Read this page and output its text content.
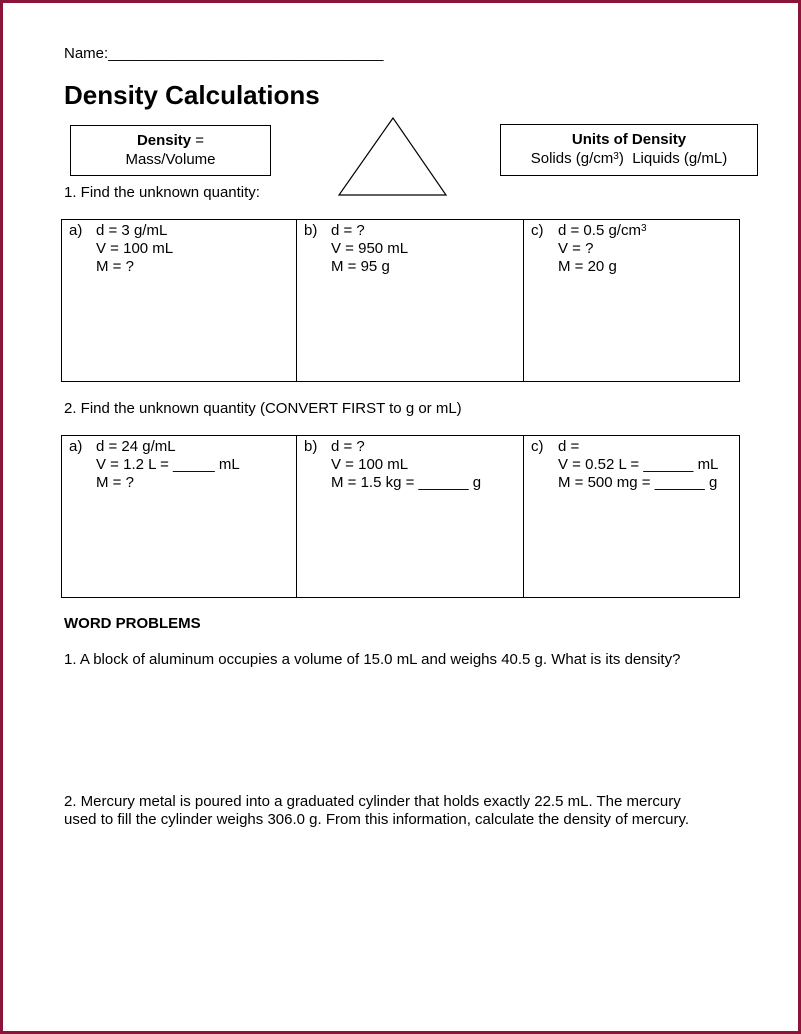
Name:_________________________________
Density Calculations
Density =
Mass/Volume
Units of Density
Solids $(g/cm^3)$ Liquids (g/mL)
1. Find the unknown quantity:
a) d = 3 g/mL
V = 100 mL
M = ?

b) d = ?
V = 950 mL
M = 95 g

c) d = 0.5 $g/cm^3$
V = ?
M = 20 g
2. Find the unknown quantity (CONVERT FIRST to g or mL)
a) d = 24 g/mL
V = 1.2 L = _____ mL
M = ?

b) d = ?
V = 100 mL
M = 1.5 kg = ______ g

c) d =
V = 0.52 L = ______ mL
M = 500 mg = ______ g
WORD PROBLEMS
1. A block of aluminum occupies a volume of 15.0 mL and weighs 40.5 g. What is its density?
2. Mercury metal is poured into a graduated cylinder that holds exactly 22.5 mL. The mercury
used to fill the cylinder weighs 306.0 g. From this information, calculate the density of mercury.
